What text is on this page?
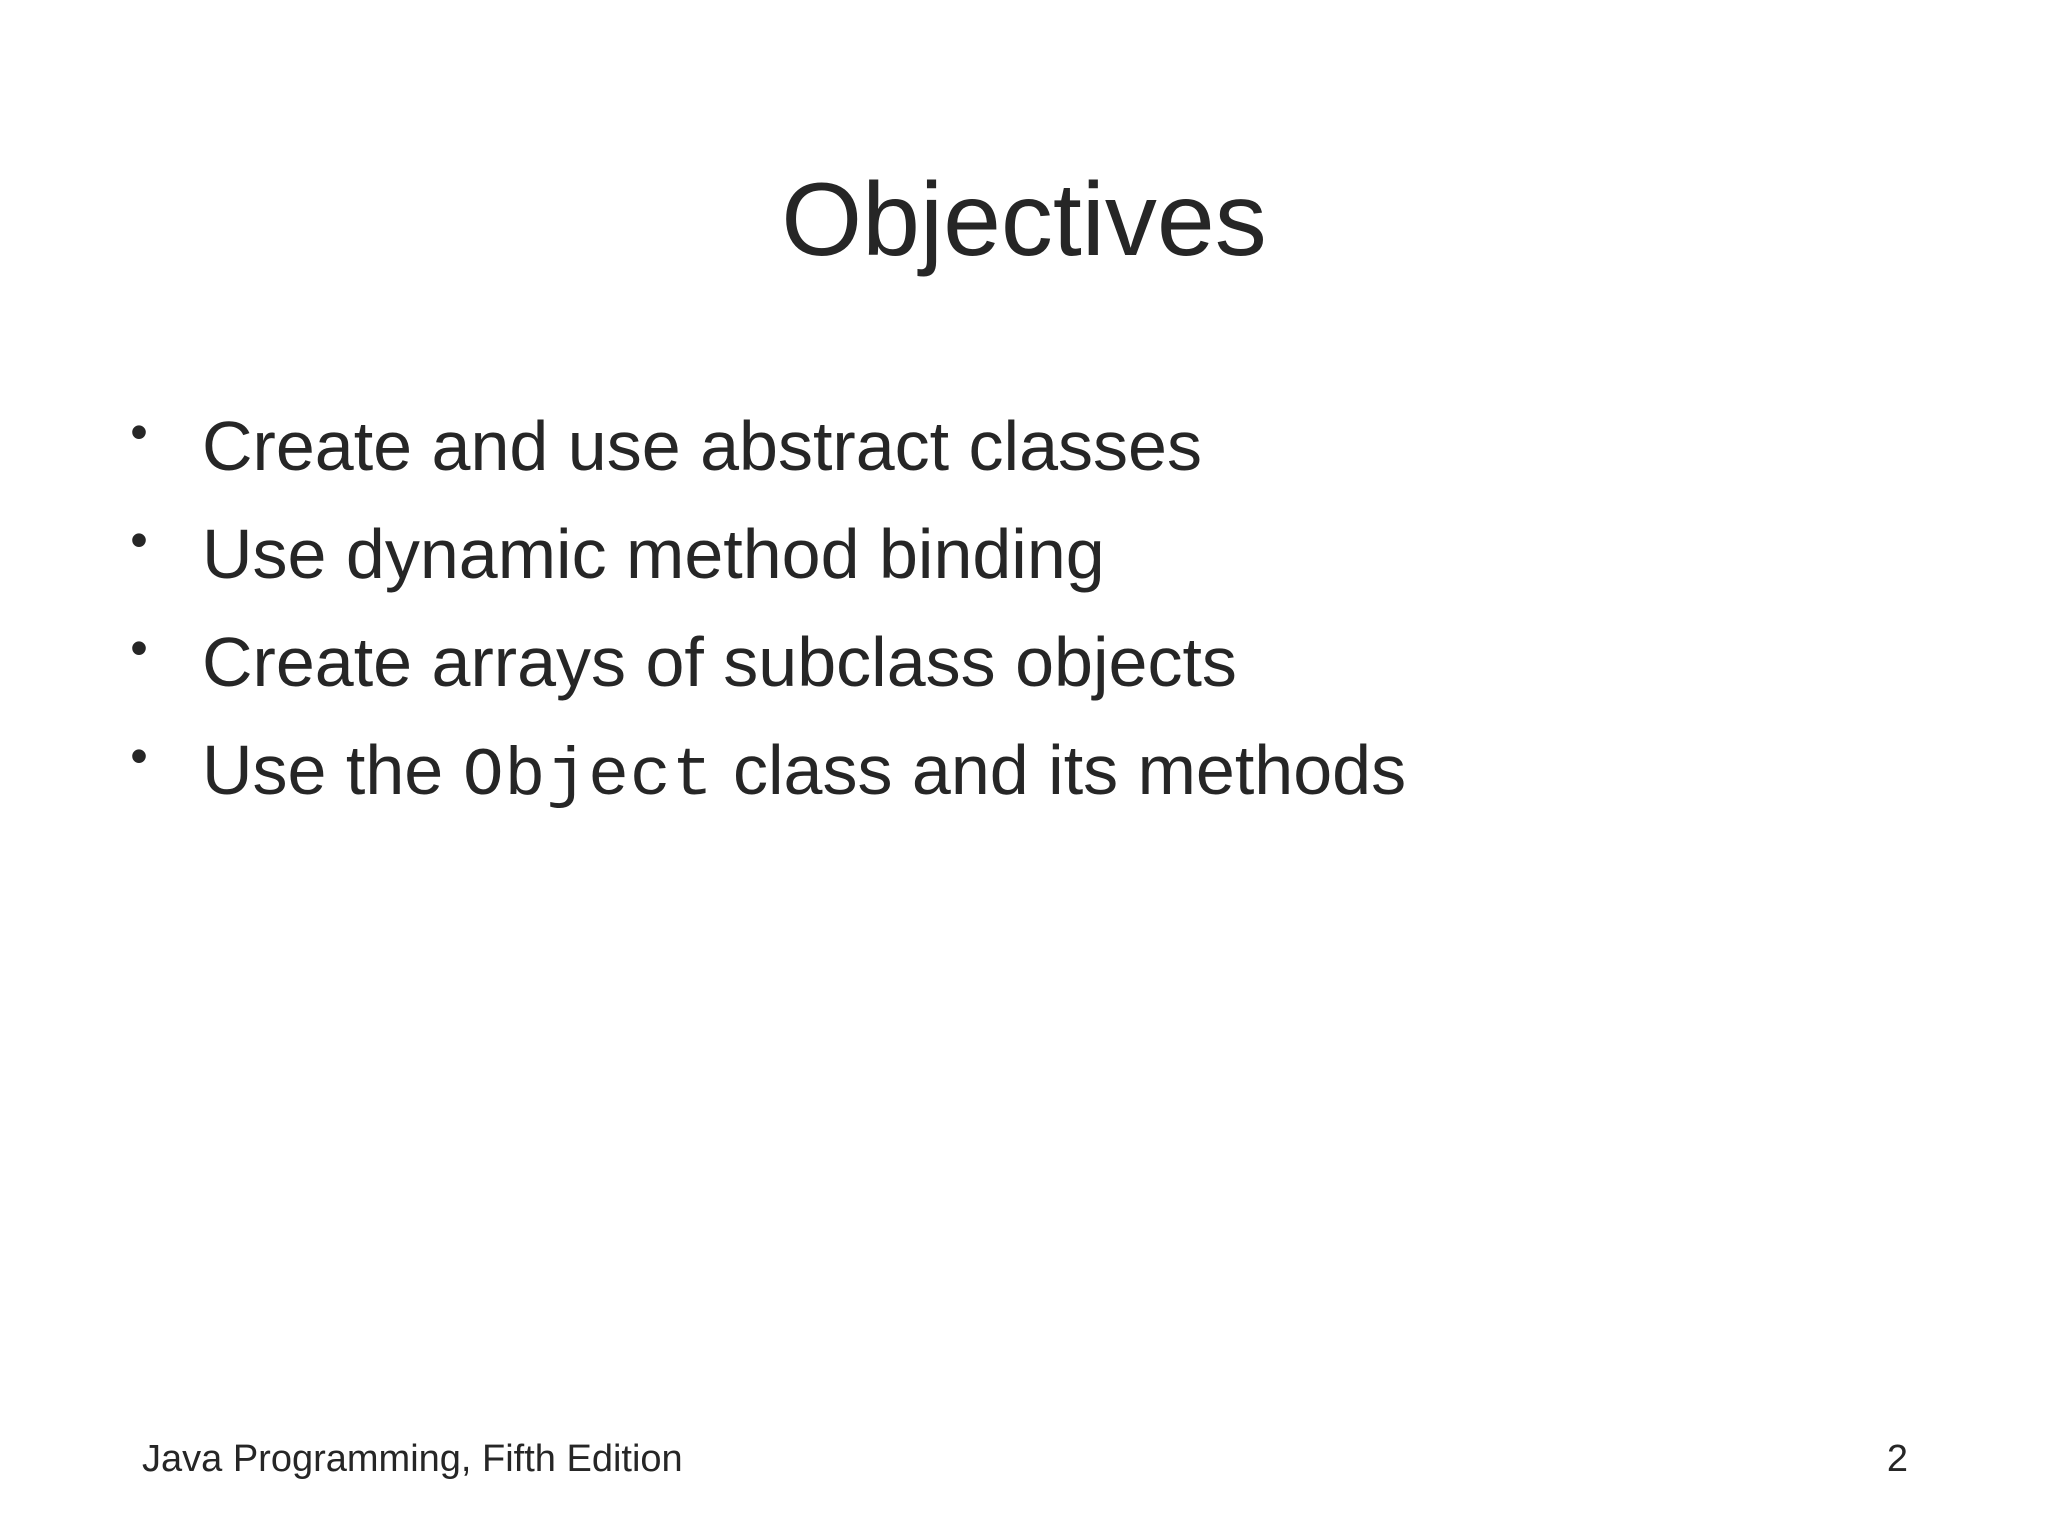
Objectives
• Create and use abstract classes
• Use dynamic method binding
• Create arrays of subclass objects
• Use the Object class and its methods
Java Programming, Fifth Edition	2
